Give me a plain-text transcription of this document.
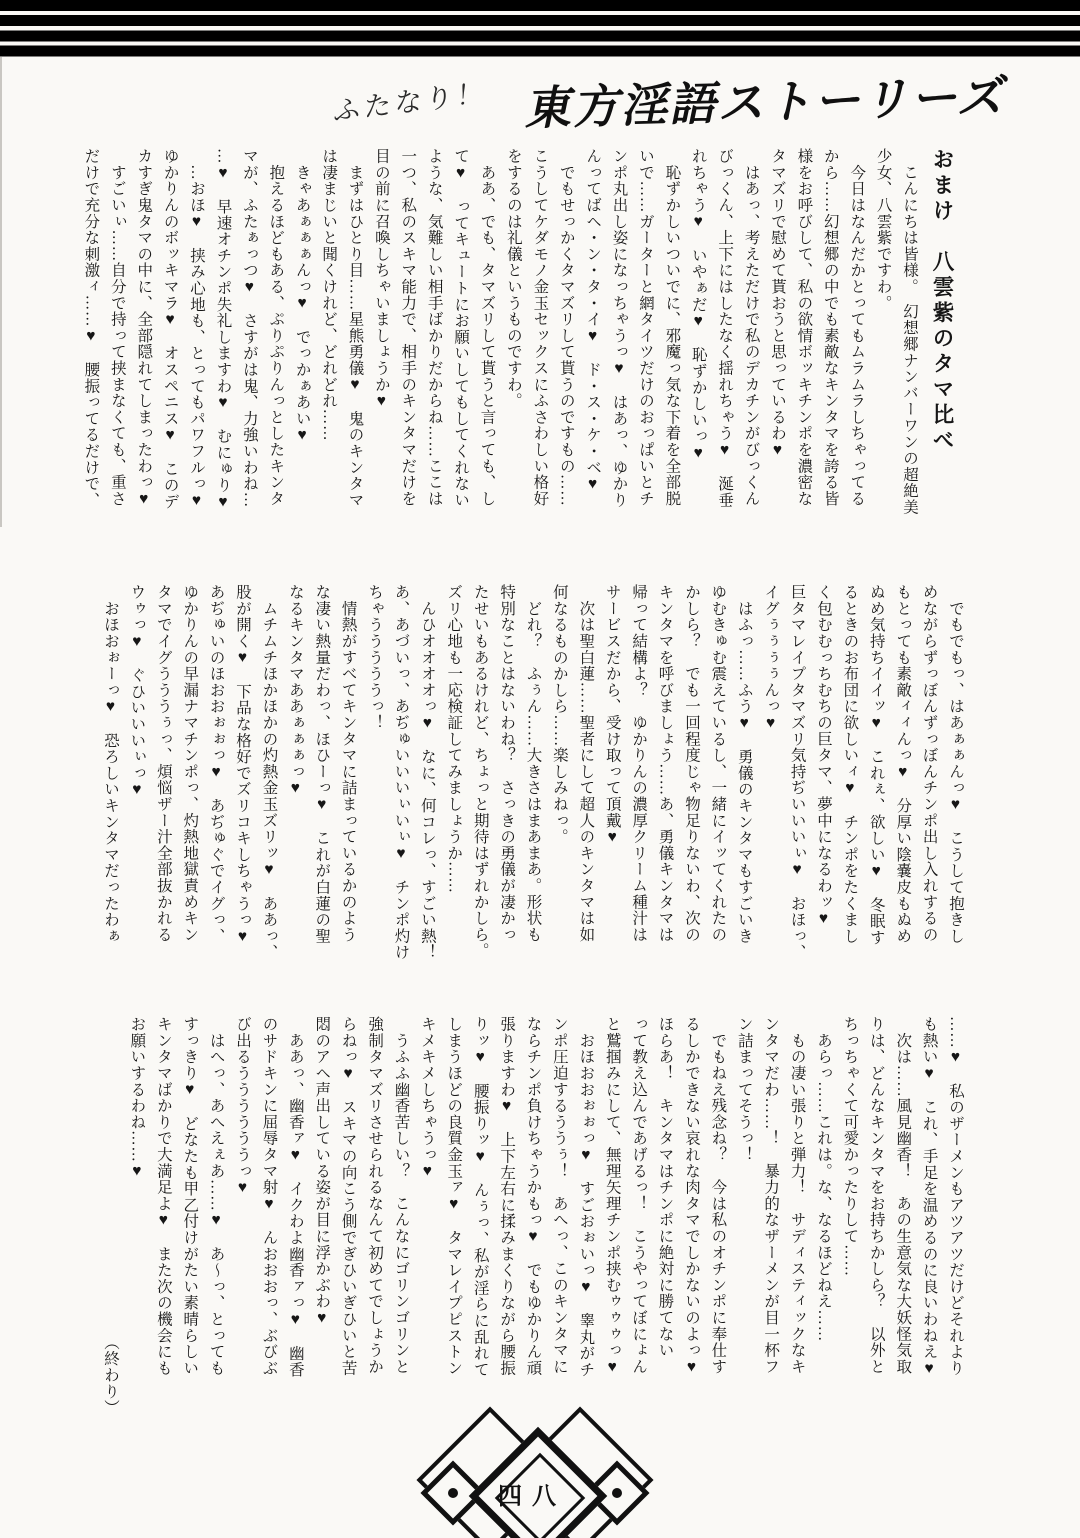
ふたなり！ 東方淫語ストーリーズ
おまけ　八雲紫のタマ比べ

　こんにちは皆様。　幻想郷ナンバーワンの超絶美

少女、八雲紫ですわ。

　今日はなんだかとってもムラムラしちゃってる

から……幻想郷の中でも素敵なキンタマを誇る皆

様をお呼びして、私の欲情ボッキチンポを濃密な

タマズリで慰めて貰おうと思っているわ♥

　はあっ、考えただけで私のデカチンがびっくん

びっくん、上下にはしたなく揺れちゃう♥　涎垂

れちゃう♥　いやぁだ♥　恥ずかしいっ♥

　恥ずかしいついでに、邪魔っ気な下着を全部脱

いで……ガーターと網タイツだけのおっぱいとチ

ンポ丸出し姿になっちゃうっ♥　はあっ、ゆかり

んってばヘ・ン・タ・イ♥　ド・ス・ケ・ベ♥

　でもせっかくタマズリして貰うのですもの……

こうしてケダモノ金玉セックスにふさわしい格好

をするのは礼儀というものですわ。

　ああ、でも、タマズリして貰うと言っても、し

て♥　ってキュートにお願いしてもしてくれない

ような、気難しい相手ばかりだからね……ここは

一つ、私のスキマ能力で、相手のキンタマだけを

目の前に召喚しちゃいましょうか♥

　まずはひとり目……星熊勇儀♥　鬼のキンタマ

は凄まじいと聞くけれど、どれどれ……

　きゃあぁぁぁんっ♥　でっかぁあい♥

　抱えるほどもある、ぷりぷりんっとしたキンタ

マが、ふたぁっつ♥　さすがは鬼、力強いわね…

…♥　早速オチンポ失礼しますわ♥　むにゅり♥

　…おほ♥　挟み心地も、とってもパワフルっ♥

ゆかりんのボッキマラ♥　オスペニス♥　このデ

カすぎ鬼タマの中に、全部隠れてしまったわっ♥

　すごいぃ……自分で持って挟まなくても、重さ

だけで充分な刺激ィ……♥　腰振ってるだけで、

　でもでもっ、はあぁぁんっ♥　こうして抱きし

めながらずっぼんずっぼんチンポ出し入れするの

もとっても素敵ィィんっ♥　分厚い陰嚢皮もぬめ

ぬめ気持ちイイッ♥　これぇ、欲しい♥　冬眠す

るときのお布団に欲しいィ♥　チンポをたくまし

く包むむっちむちの巨タマ、夢中になるわッ♥

巨タマレイプタマズリ気持ぢいいいぃ♥　おほっ、

イグぅぅぅぅんっ♥

　はふっ……ふう♥　勇儀のキンタマもすごいき

ゆむきゅむ震えているし、一緒にイッてくれたの

かしら？　でも一回程度じゃ物足りないわ、次の

キンタマを呼びましょう……あ、勇儀キンタマは

帰って結構よ？　ゆかりんの濃厚クリーム種汁は

サービスだから、受け取って頂戴♥

　次は聖白蓮……聖者にして超人のキンタマは如

何なるものかしら……楽しみねっ。

　どれ？　ふぅん……大きさはまあまあ。形状も

特別なことはないわね？　さっきの勇儀が凄かっ

たせいもあるけれど、ちょっと期待はずれかしら。

ズリ心地も一応検証してみましょうか……

　んひオオオオっ♥　なに、何コレっ、すごい熱！

あ、あづいっ、あぢゅいいいぃいぃ♥　チンポ灼け

ちゃうううううっ！

　情熱がすべてキンタマに詰まっているかのよう

な凄い熱量だわっ、ほひーっ♥　これが白蓮の聖

なるキンタマああぁぁぁっ♥

　ムチムチほかほかの灼熱金玉ズリッ♥　ああっ、

股が開く♥　下品な格好でズリコキしちゃうっ♥

あぢゅいのほおおぉぉっ♥　あぢゅぐでイグっ、

ゆかりんの早漏ナマチンポっ、灼熱地獄責めキン

タマでイグうううぅっ、煩悩ザー汁全部抜かれる

ウゥっ♥　ぐひいいいぃっ♥

　おほおぉーっ♥　恐ろしいキンタマだったわぁ

……♥　私のザーメンもアツアツだけどそれより

も熱い♥　これ、手足を温めるのに良いわねえ♥

　次は……風見幽香！　あの生意気な大妖怪気取

りは、どんなキンタマをお持ちかしら？　以外と

ちっちゃくて可愛かったりして……

　あらっ……これは。な、なるほどねえ……

　もの凄い張りと弾力！　サディスティックなキ

ンタマだわ……！　暴力的なザーメンが目一杯フ

ン詰まってそうっ！

　でもねえ残念ね？　今は私のオチンポに奉仕す

るしかできない哀れな肉タマでしかないのよっ♥

ほらあ！　キンタマはチンポに絶対に勝てない

って教え込んであげるっ！　こうやってぼにょん

と鷲掴みにして、無理矢理チンポ挟むゥゥゥっ♥

　おほおおぉぉっ♥　すごおぉいっ♥　睾丸がチ

ンポ圧迫するううぅ！　あへっ、このキンタマに

ならチンポ負けちゃうかもっ♥　でもゆかりん頑

張りますわ♥　上下左右に揉みまくりながら腰振

りッ♥　腰振りッ♥　んぅっ、私が淫らに乱れて

しまうほどの良質金玉ァ♥　タマレイプピストン

キメキメしちゃうっ♥

　うふふ幽香苦しい？　こんなにゴリンゴリンと

強制タマズリさせられるなんて初めてでしょうか

らねっ♥　スキマの向こう側でぎひいぎひいと苦

悶のアヘ声出している姿が目に浮かぶわ♥

　ああっ、幽香ァ♥　イクわよ幽香ァっ♥　幽香

のサドキンに屈辱タマ射♥　んおおおっ、ぶびぶ

び出るううううううっ♥

　はへっ、あへえぇあ……♥　あ～っ、とっても

すっきり♥　どなたも甲乙付けがたい素晴らしい

キンタマばかりで大満足よ♥　また次の機会にも

お願いするわね……♥

　　　　　　　　　　　　　　　　　　　　（終わり）

四八
